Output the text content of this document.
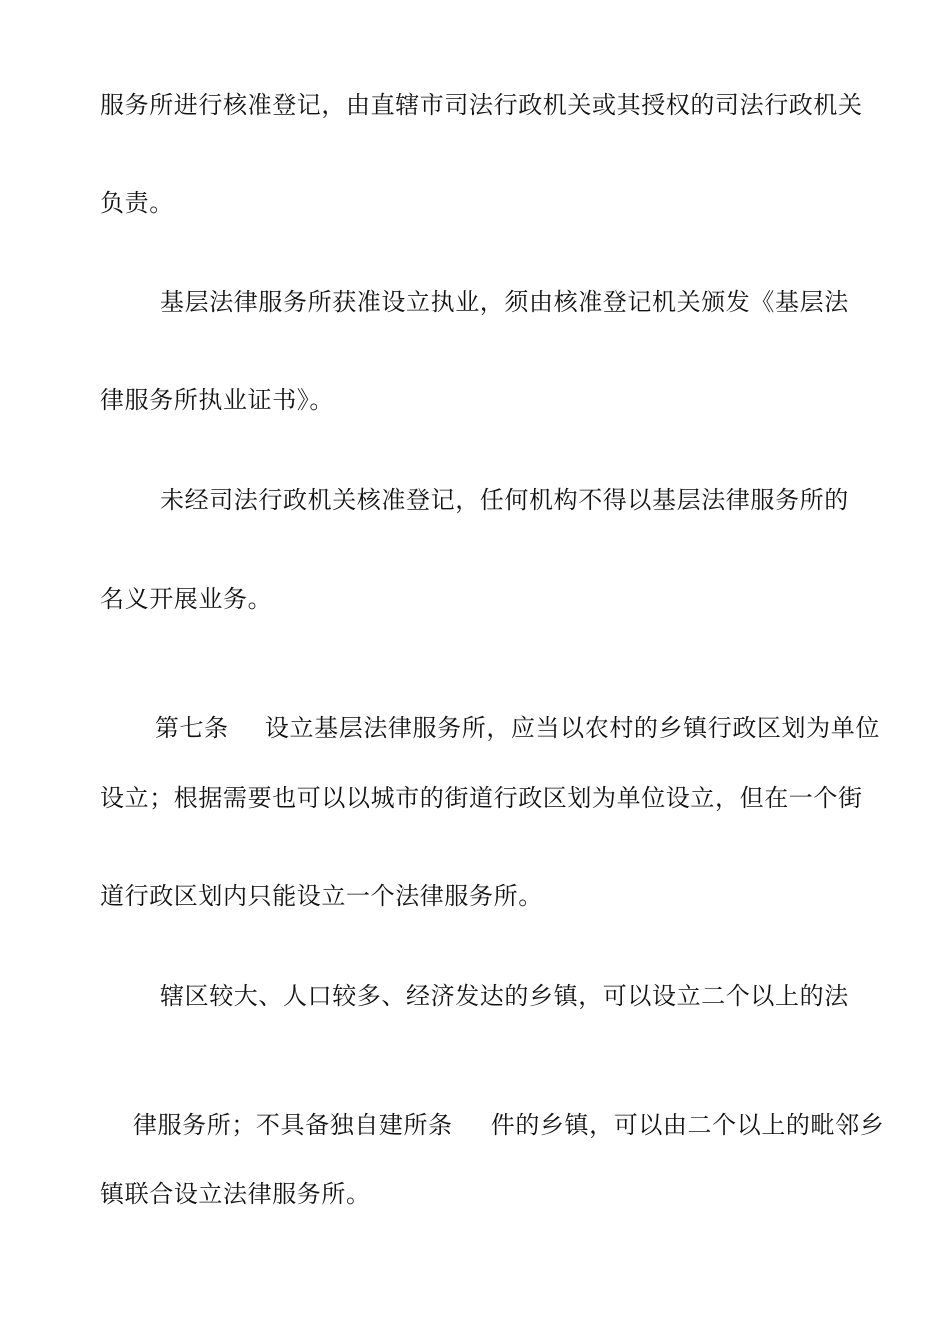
服务所进行核准登记，由直辖市司法行政机关或其授权的司法行政机关
负责。
基层法律服务所获准设立执业，须由核准登记机关颁发《基层法
律服务所执业证书》。
未经司法行政机关核准登记，任何机构不得以基层法律服务所的
名义开展业务。

第七条 设立基层法律服务所，应当以农村的乡镇行政区划为单位

设立；根据需要也可以以城市的街道行政区划为单位设立，但在一个街
道行政区划内只能设立一个法律服务所。
辖区较大、人口较多、经济发达的乡镇，可以设立二个以上的法

律服务所；不具备独自建所条 件的乡镇，可以由二个以上的毗邻乡

镇联合设立法律服务所。
